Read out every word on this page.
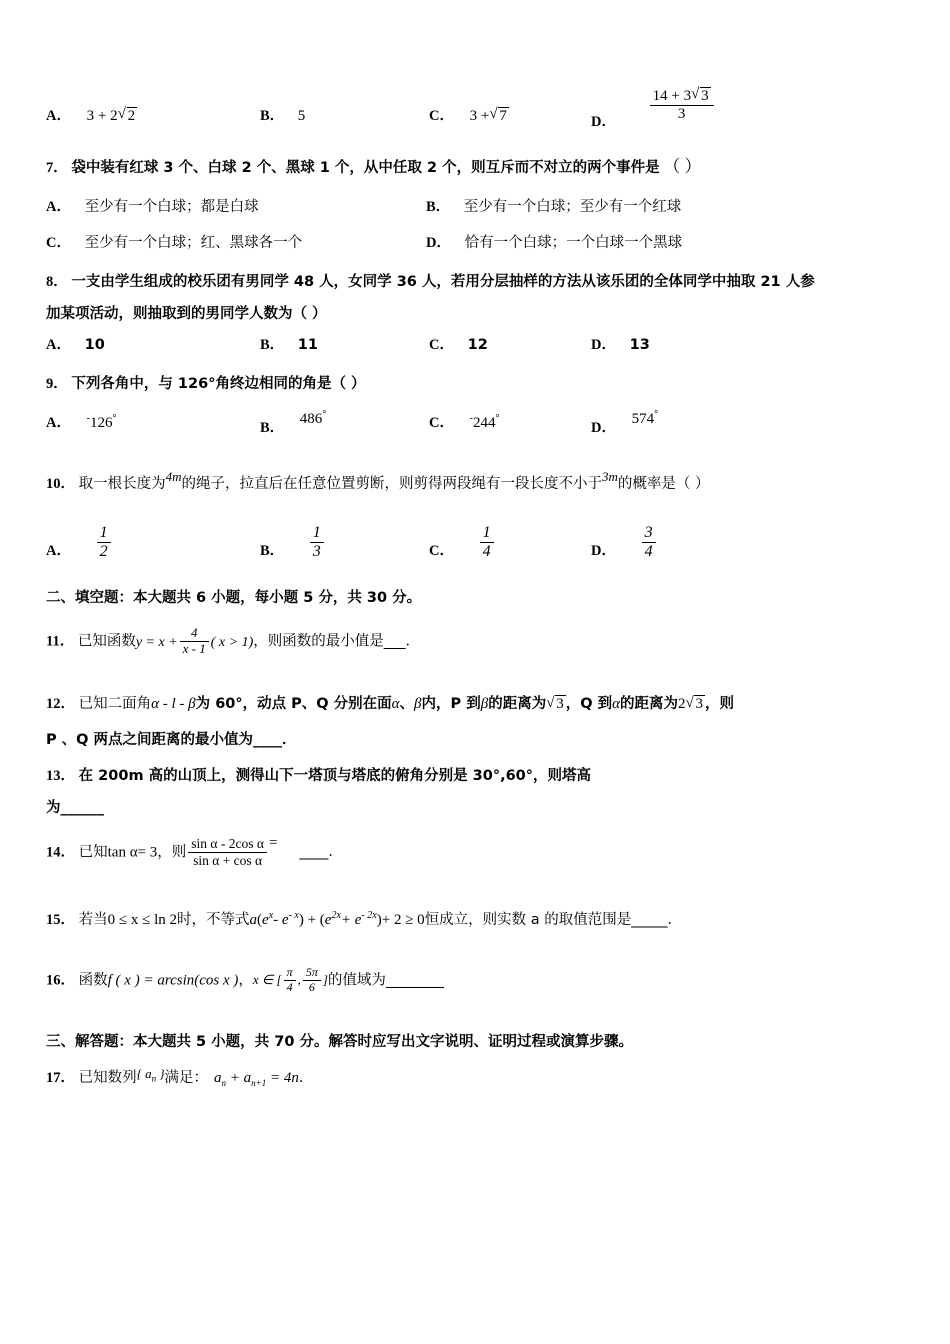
A． 3 + 2 √ 2	B． 5	C． 3 + √ 7	D． $\frac{14 + 3 √ 3}{3}$
7． 袋中装有红球 3 个、白球 2 个、黑球 1 个，从中任取 2 个，则互斥而不对立的两个事件是 （ ）
A． 至少有一个白球；都是白球	B． 至少有一个白球；至少有一个红球
C． 至少有一个白球；红、黑球各一个	D． 恰有一个白球；一个白球一个黑球
8． 一支由学生组成的校乐团有男同学 48 人，女同学 36 人，若用分层抽样的方法从该乐团的全体同学中抽取 21 人参
加某项活动，则抽取到的男同学人数为（ ）
A． 10	B． 11	C． 12	D． 13
9． 下列各角中，与 126°角终边相同的角是（ ）
A． -126°
B． 486°
C． -244°
D． 574°
10． 取一根长度为4m的绳子，拉直后在任意位置剪断，则剪得两段绳有一段长度不小于3m的概率是（ ）
A． $\frac{1}{2}$	B． $\frac{1}{3}$	C． $\frac{1}{4}$	D． $\frac{3}{4}$
二、填空题：本大题共 6 小题，每小题 5 分，共 30 分。
11． 已知函数$y = x + \frac{4}{x - 1}$ ( x > 1)，则函数的最小值是___．
12． 已知二面角α - l - β为 60°，动点 P、Q 分别在面α、β内，P 到β的距离为 √ 3 ，Q 到α的距离为2 √ 3 ，则
P 、Q 两点之间距离的最小值为____．
13． 在 200m 高的山顶上，测得山下一塔顶与塔底的俯角分别是 30°,60°，则塔高
为______
14． 已知tan α= 3，则 $\frac{\text{sin α - 2cos α}}{\text{sin α + cos α}}$ =____．
15． 若当0 ≤ x ≤ ln 2时，不等式$a(e^x-$ $e^{- x}) + (e^{2x}+ e^{- 2x})+ 2 \ge 0$恒成立，则实数 a 的取值范围是_____．
16． 函数f ( x ) = arcsin(cos x )，x ∈ [ $\frac{\pi}{4}$ , $\frac{5\pi}{6}$ ]的值域为________
三、解答题：本大题共 5 小题，共 70 分。解答时应写出文字说明、证明过程或演算步骤。
17． 已知数列{ $a_n$ }满足： $a_n + a_{n+1} = 4n$．
